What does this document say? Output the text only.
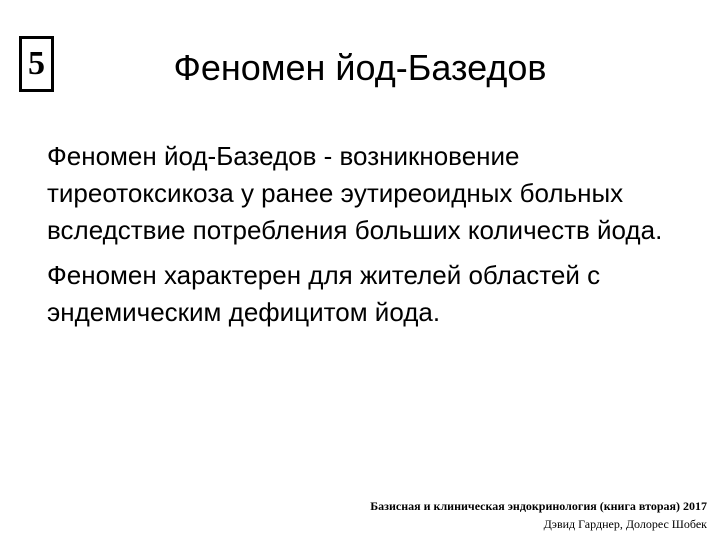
5	Феномен йод-Базедов

Феномен йод-Базедов - возникновение тиреотоксикоза у ранее эутиреоидных больных вследствие потребления больших количеств йода.

Феномен характерен для жителей областей с эндемическим дефицитом йода.

Базисная и клиническая эндокринология (книга вторая) 2017
Дэвид Гарднер, Долорес Шобек
